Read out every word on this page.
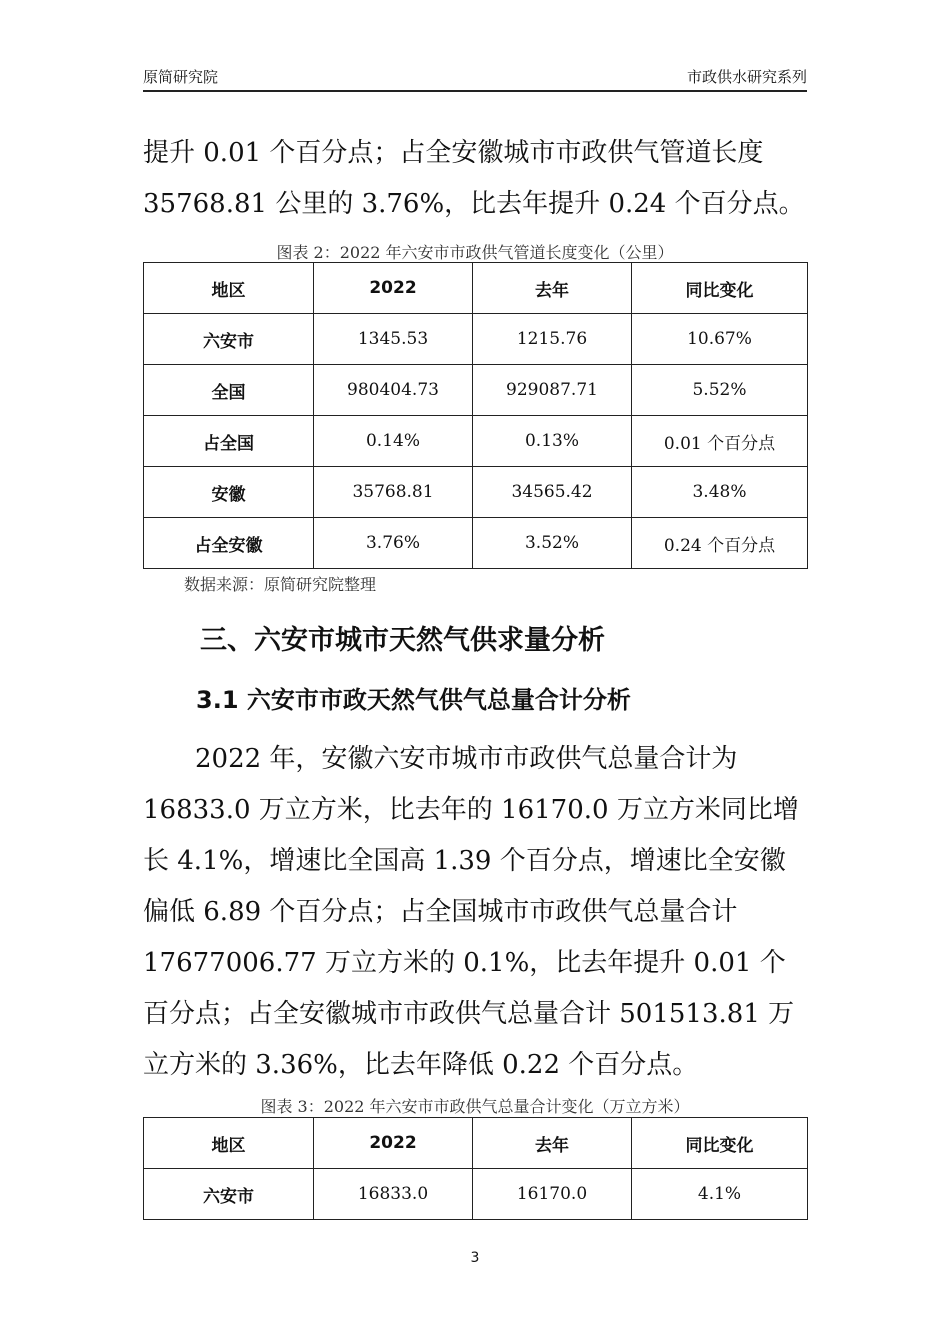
原简研究院	市政供水研究系列

提升 0.01 个百分点；占全安徽城市市政供气管道长度 35768.81 公里的 3.76%，比去年提升 0.24 个百分点。

图表 2：2022 年六安市市政供气管道长度变化（公里）

地区	2022	去年	同比变化
六安市	1345.53	1215.76	10.67%
全国	980404.73	929087.71	5.52%
占全国	0.14%	0.13%	0.01 个百分点
安徽	35768.81	34565.42	3.48%
占全安徽	3.76%	3.52%	0.24 个百分点

数据来源：原简研究院整理

三、六安市城市天然气供求量分析
3.1 六安市市政天然气供气总量合计分析

2022 年，安徽六安市城市市政供气总量合计为 16833.0 万立方米，比去年的 16170.0 万立方米同比增长 4.1%，增速比全国高 1.39 个百分点，增速比全安徽偏低 6.89 个百分点；占全国城市市政供气总量合计 17677006.77 万立方米的 0.1%，比去年提升 0.01 个百分点；占全安徽城市市政供气总量合计 501513.81 万立方米的 3.36%，比去年降低 0.22 个百分点。

图表 3：2022 年六安市市政供气总量合计变化（万立方米）

地区	2022	去年	同比变化
六安市	16833.0	16170.0	4.1%
3
